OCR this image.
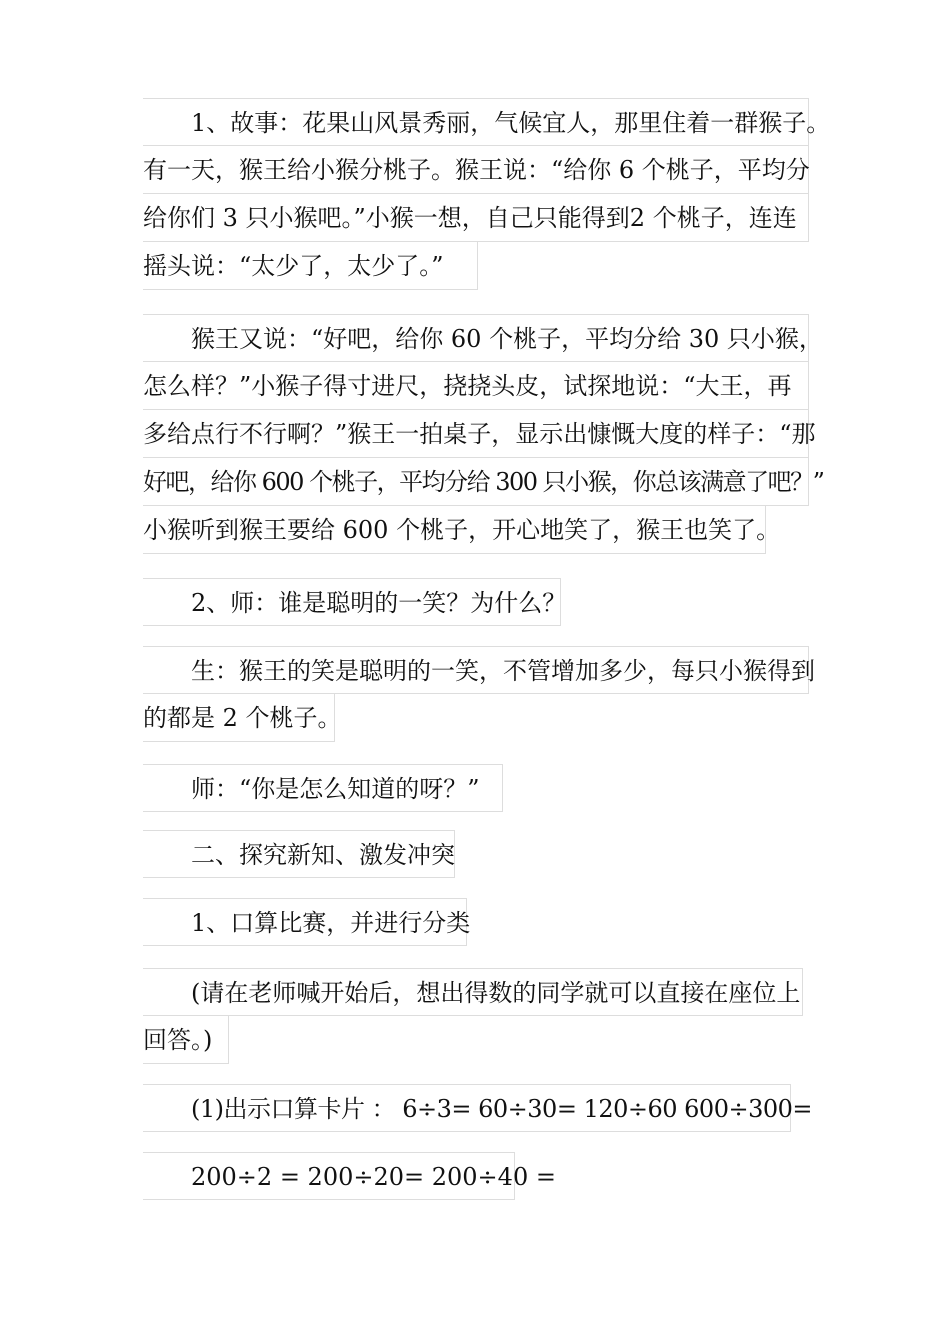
1、故事：花果山风景秀丽，气候宜人，那里住着一群猴子。
有一天，猴王给小猴分桃子。猴王说：“给你 6 个桃子，平均分
给你们 3 只小猴吧。”小猴一想，自己只能得到2 个桃子，连连
摇头说：“太少了，太少了。”
猴王又说：“好吧，给你 60 个桃子，平均分给 30 只小猴，
怎么样？”小猴子得寸进尺，挠挠头皮，试探地说：“大王，再
多给点行不行啊？”猴王一拍桌子，显示出慷慨大度的样子：“那
好吧，给你 600 个桃子，平均分给 300 只小猴，你总该满意了吧？”
小猴听到猴王要给 600 个桃子，开心地笑了，猴王也笑了。
2、师：谁是聪明的一笑？为什么？
生：猴王的笑是聪明的一笑，不管增加多少，每只小猴得到
的都是 2 个桃子。
师：“你是怎么知道的呀？”
二、探究新知、激发冲突
1、口算比赛，并进行分类
(请在老师喊开始后，想出得数的同学就可以直接在座位上
回答。)
(1)出示口算卡片 ： 6÷3= 60÷30= 120÷60 600÷300=
200÷2 = 200÷20= 200÷40 =
